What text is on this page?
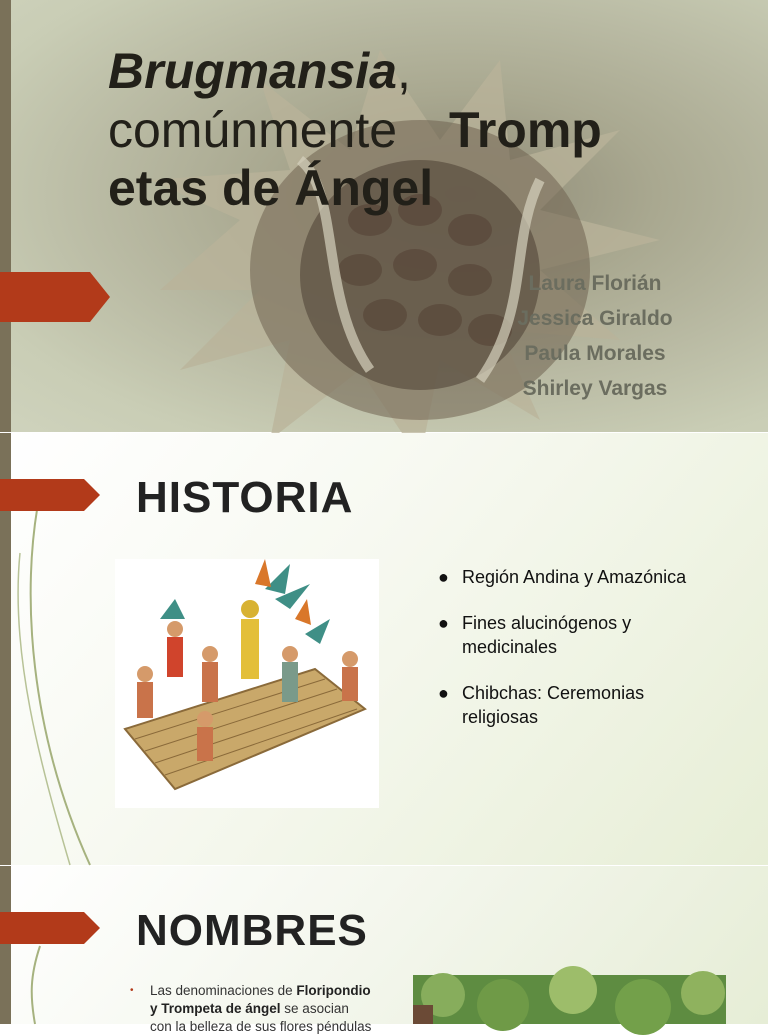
Brugmansia,
comúnmente Tromp
etas de Ángel
Laura Florián
Jessica Giraldo
Paula Morales
Shirley Vargas
HISTORIA
● Región Andina y Amazónica
● Fines alucinógenos y medicinales
● Chibchas: Ceremonias religiosas
NOMBRES
•	Las denominaciones de Floripondio
y Trompeta de ángel se asocian
con la belleza de sus flores péndulas
